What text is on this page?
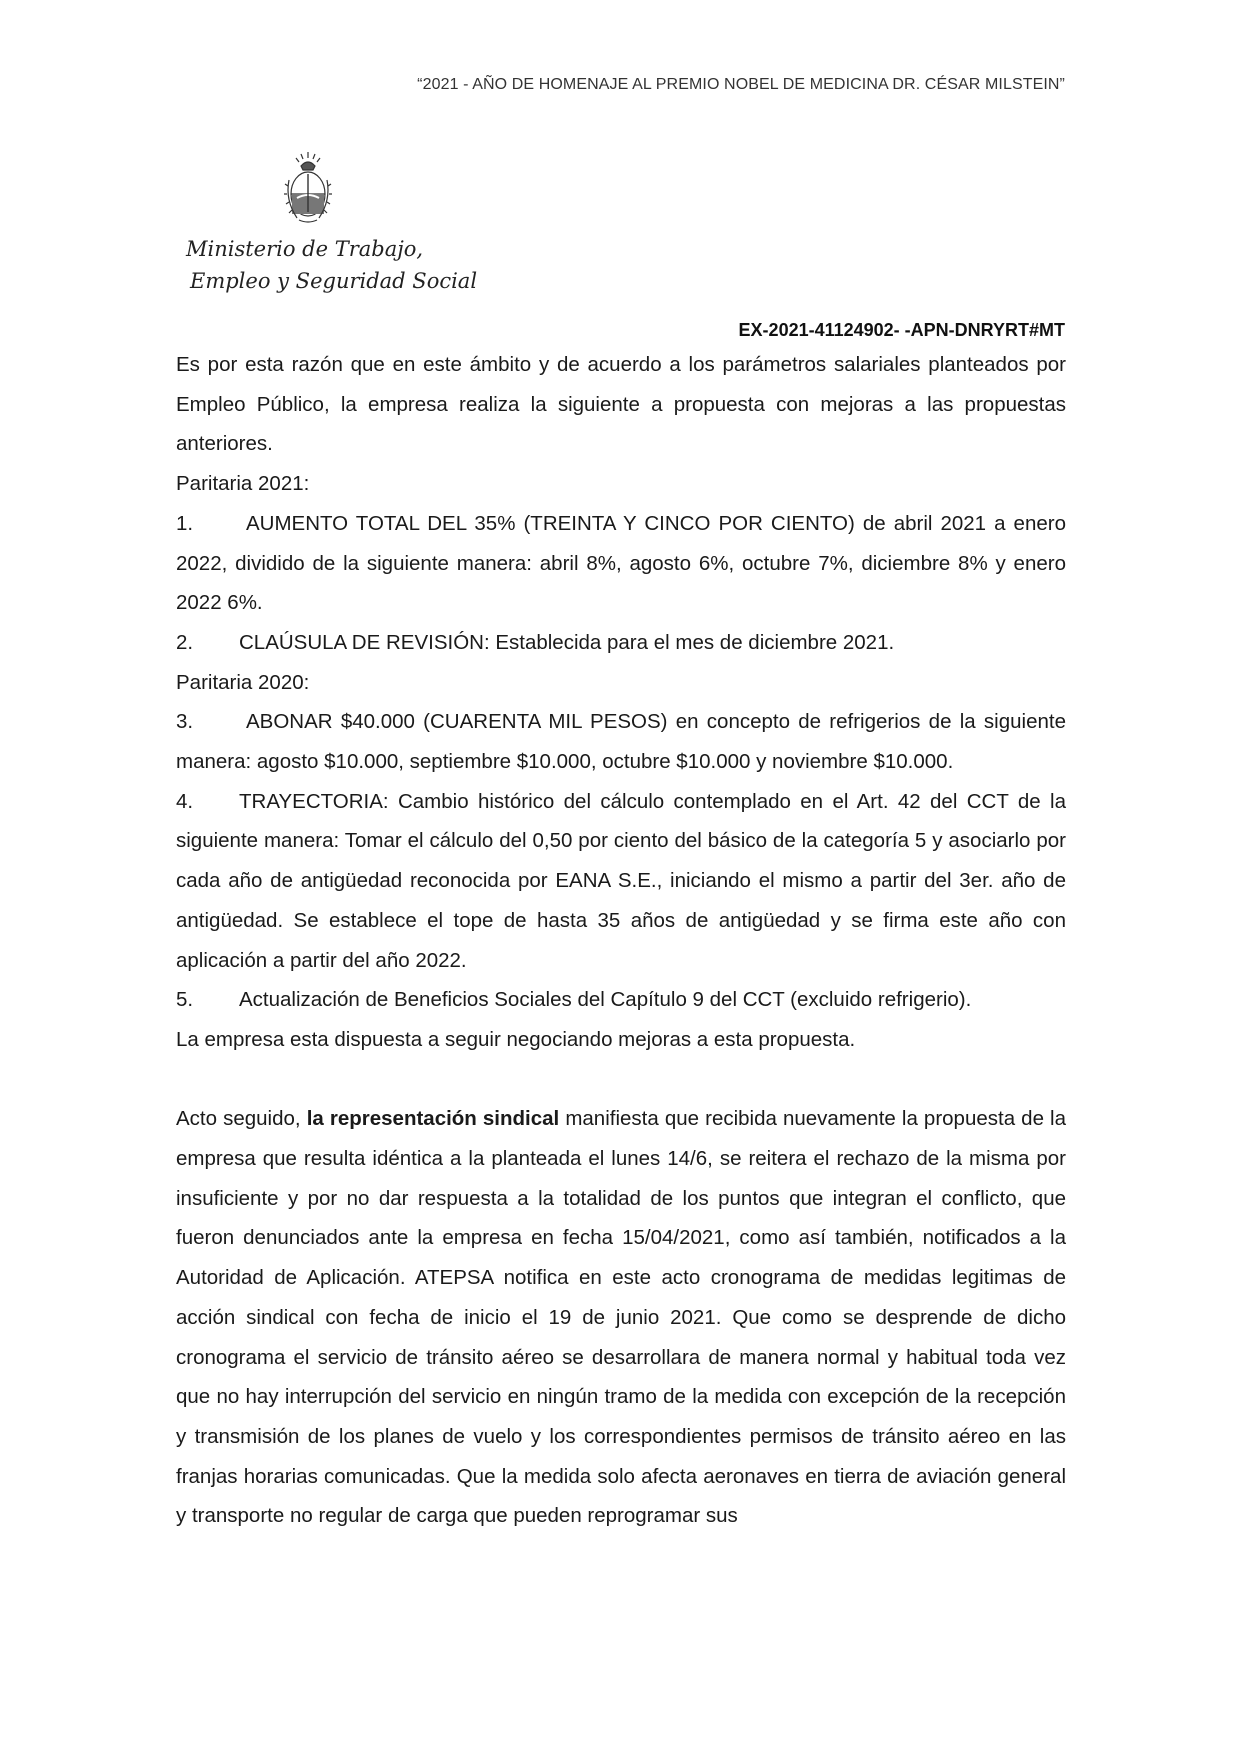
“2021 - AÑO DE HOMENAJE AL PREMIO NOBEL DE MEDICINA DR. CÉSAR MILSTEIN”
Ministerio de Trabajo,
Empleo y Seguridad Social
EX-2021-41124902- -APN-DNRYRT#MT

Es por esta razón que en este ámbito y de acuerdo a los parámetros salariales planteados por Empleo Público, la empresa realiza la siguiente a propuesta con mejoras a las propuestas anteriores.

Paritaria 2021:

1.	AUMENTO TOTAL DEL 35% (TREINTA Y CINCO POR CIENTO) de abril 2021 a enero 2022, dividido de la siguiente manera: abril 8%, agosto 6%, octubre 7%, diciembre 8% y enero 2022 6%.

2. CLAÚSULA DE REVISIÓN: Establecida para el mes de diciembre 2021.

Paritaria 2020:

3.	ABONAR $40.000 (CUARENTA MIL PESOS) en concepto de refrigerios de la siguiente manera: agosto $10.000, septiembre $10.000, octubre $10.000 y noviembre $10.000.

4. TRAYECTORIA: Cambio histórico del cálculo contemplado en el Art. 42 del CCT de la siguiente manera: Tomar el cálculo del 0,50 por ciento del básico de la categoría 5 y asociarlo por cada año de antigüedad reconocida por EANA S.E., iniciando el mismo a partir del 3er. año de antigüedad. Se establece el tope de hasta 35 años de antigüedad y se firma este año con aplicación a partir del año 2022.

5. Actualización de Beneficios Sociales del Capítulo 9 del CCT (excluido refrigerio).

La empresa esta dispuesta a seguir negociando mejoras a esta propuesta.

Acto seguido, la representación sindical manifiesta que recibida nuevamente la propuesta de la empresa que resulta idéntica a la planteada el lunes 14/6, se reitera el rechazo de la misma por insuficiente y por no dar respuesta a la totalidad de los puntos que integran el conflicto, que fueron denunciados ante la empresa en fecha 15/04/2021, como así también, notificados a la Autoridad de Aplicación. ATEPSA notifica en este acto cronograma de medidas legitimas de acción sindical con fecha de inicio el 19 de junio 2021. Que como se desprende de dicho cronograma el servicio de tránsito aéreo se desarrollara de manera normal y habitual toda vez que no hay interrupción del servicio en ningún tramo de la medida con excepción de la recepción y transmisión de los planes de vuelo y los correspondientes permisos de tránsito aéreo en las franjas horarias comunicadas. Que la medida solo afecta aeronaves en tierra de aviación general y transporte no regular de carga que pueden reprogramar sus
